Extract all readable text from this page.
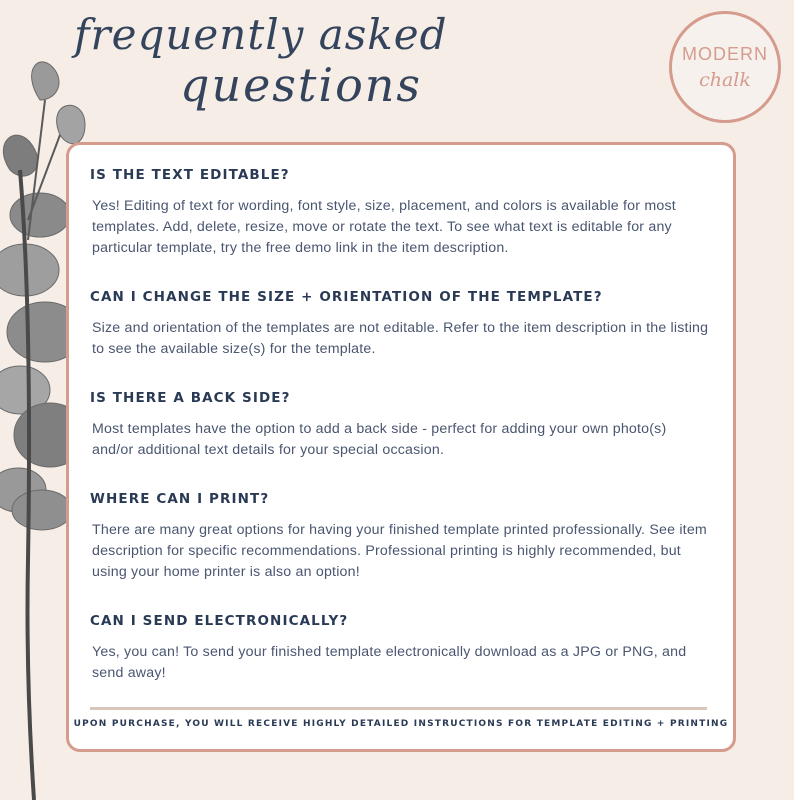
frequently asked
questions
MODERN
chalk

IS THE TEXT EDITABLE?

Yes! Editing of text for wording, font style, size, placement, and colors is available for most templates. Add, delete, resize, move or rotate the text. To see what text is editable for any particular template, try the free demo link in the item description.

CAN I CHANGE THE SIZE + ORIENTATION OF THE TEMPLATE?

Size and orientation of the templates are not editable. Refer to the item description in the listing to see the available size(s) for the template.

IS THERE A BACK SIDE?

Most templates have the option to add a back side - perfect for adding your own photo(s) and/or additional text details for your special occasion.

WHERE CAN I PRINT?

There are many great options for having your finished template printed professionally. See item description for specific recommendations. Professional printing is highly recommended, but using your home printer is also an option!

CAN I SEND ELECTRONICALLY?

Yes, you can! To send your finished template electronically download as a JPG or PNG, and send away!

UPON PURCHASE, YOU WILL RECEIVE HIGHLY DETAILED INSTRUCTIONS FOR TEMPLATE EDITING + PRINTING
